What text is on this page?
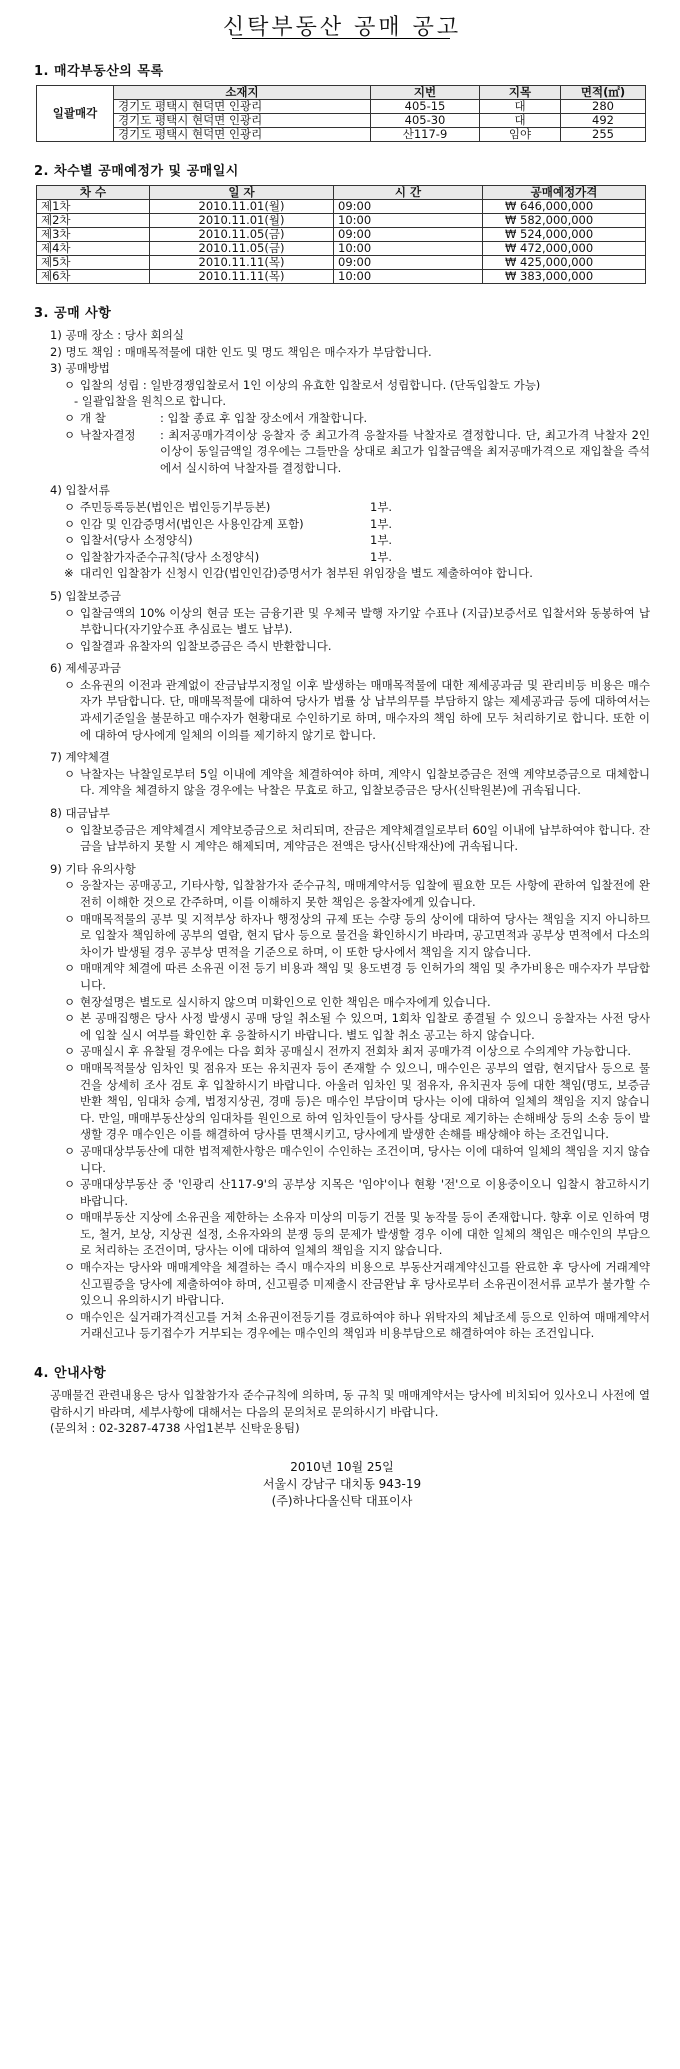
신탁부동산 공매 공고
1. 매각부동산의 목록
일괄매각	소재지	지번	지목	면적(㎡)
	경기도 평택시 현덕면 인광리	405-15	대	280
	경기도 평택시 현덕면 인광리	405-30	대	492
	경기도 평택시 현덕면 인광리	산117-9	임야	255
2. 차수별 공매예정가 및 공매일시
차 수	일 자	시 간	공매예정가격
제1차	2010.11.01(월)	09:00	₩ 646,000,000
제2차	2010.11.01(월)	10:00	₩ 582,000,000
제3차	2010.11.05(금)	09:00	₩ 524,000,000
제4차	2010.11.05(금)	10:00	₩ 472,000,000
제5차	2010.11.11(목)	09:00	₩ 425,000,000
제6차	2010.11.11(목)	10:00	₩ 383,000,000
3. 공매 사항
1) 공매 장소 : 당사 회의실
2) 명도 책임 : 매매목적물에 대한 인도 및 명도 책임은 매수자가 부담합니다.
3) 공매방법
ㅇ 입찰의 성립 : 일반경쟁입찰로서 1인 이상의 유효한 입찰로서 성립합니다. (단독입찰도 가능)
- 일괄입찰을 원칙으로 합니다.
ㅇ 개 찰	: 입찰 종료 후 입찰 장소에서 개찰합니다.
ㅇ 낙찰자결정	: 최저공매가격이상 응찰자 중 최고가격 응찰자를 낙찰자로 결정합니다. 단, 최고가격 낙찰자 2인 이상이 동일금액일 경우에는 그들만을 상대로 최고가 입찰금액을 최저공매가격으로 재입찰을 즉석에서 실시하여 낙찰자를 결정합니다.
4) 입찰서류
ㅇ 주민등록등본(법인은 법인등기부등본)	1부.
ㅇ 인감 및 인감증명서(법인은 사용인감계 포함)	1부.
ㅇ 입찰서(당사 소정양식)	1부.
ㅇ 입찰참가자준수규칙(당사 소정양식)	1부.
※ 대리인 입찰참가 신청시 인감(법인인감)증명서가 첨부된 위임장을 별도 제출하여야 합니다.
5) 입찰보증금
ㅇ 입찰금액의 10% 이상의 현금 또는 금융기관 및 우체국 발행 자기앞 수표나 (지급)보증서로 입찰서와 동봉하여 납부합니다(자기앞수표 추심료는 별도 납부).
ㅇ 입찰결과 유찰자의 입찰보증금은 즉시 반환합니다.
6) 제세공과금
ㅇ 소유권의 이전과 관계없이 잔금납부지정일 이후 발생하는 매매목적물에 대한 제세공과금 및 관리비등 비용은 매수자가 부담합니다. 단, 매매목적물에 대하여 당사가 법률 상 납부의무를 부담하지 않는 제세공과금 등에 대하여서는 과세기준일을 불문하고 매수자가 현황대로 수인하기로 하며, 매수자의 책임 하에 모두 처리하기로 합니다. 또한 이에 대하여 당사에게 일체의 이의를 제기하지 않기로 합니다.
7) 계약체결
ㅇ 낙찰자는 낙찰일로부터 5일 이내에 계약을 체결하여야 하며, 계약시 입찰보증금은 전액 계약보증금으로 대체합니다. 계약을 체결하지 않을 경우에는 낙찰은 무효로 하고, 입찰보증금은 당사(신탁원본)에 귀속됩니다.
8) 대금납부
ㅇ 입찰보증금은 계약체결시 계약보증금으로 처리되며, 잔금은 계약체결일로부터 60일 이내에 납부하여야 합니다. 잔금을 납부하지 못할 시 계약은 해제되며, 계약금은 전액은 당사(신탁재산)에 귀속됩니다.
9) 기타 유의사항
ㅇ 응찰자는 공매공고, 기타사항, 입찰참가자 준수규칙, 매매계약서등 입찰에 필요한 모든 사항에 관하여 입찰전에 완전히 이해한 것으로 간주하며, 이를 이해하지 못한 책임은 응찰자에게 있습니다.
ㅇ 매매목적물의 공부 및 지적부상 하자나 행정상의 규제 또는 수량 등의 상이에 대하여 당사는 책임을 지지 아니하므로 입찰자 책임하에 공부의 열람, 현지 답사 등으로 물건을 확인하시기 바라며, 공고면적과 공부상 면적에서 다소의 차이가 발생될 경우 공부상 면적을 기준으로 하며, 이 또한 당사에서 책임을 지지 않습니다.
ㅇ 매매계약 체결에 따른 소유권 이전 등기 비용과 책임 및 용도변경 등 인허가의 책임 및 추가비용은 매수자가 부담합니다.
ㅇ 현장설명은 별도로 실시하지 않으며 미확인으로 인한 책임은 매수자에게 있습니다.
ㅇ 본 공매집행은 당사 사정 발생시 공매 당일 취소될 수 있으며, 1회차 입찰로 종결될 수 있으니 응찰자는 사전 당사에 입찰 실시 여부를 확인한 후 응찰하시기 바랍니다. 별도 입찰 취소 공고는 하지 않습니다.
ㅇ 공매실시 후 유찰될 경우에는 다음 회차 공매실시 전까지 전회차 최저 공매가격 이상으로 수의계약 가능합니다.
ㅇ 매매목적물상 임차인 및 점유자 또는 유치권자 등이 존재할 수 있으니, 매수인은 공부의 열람, 현지답사 등으로 물건을 상세히 조사 검토 후 입찰하시기 바랍니다. 아울러 임차인 및 점유자, 유치권자 등에 대한 책임(명도, 보증금반환 책임, 임대차 승계, 법정지상권, 경매 등)은 매수인 부담이며 당사는 이에 대하여 일체의 책임을 지지 않습니다. 만일, 매매부동산상의 임대차를 원인으로 하여 임차인들이 당사를 상대로 제기하는 손해배상 등의 소송 등이 발생할 경우 매수인은 이를 해결하여 당사를 면책시키고, 당사에게 발생한 손해를 배상해야 하는 조건입니다.
ㅇ 공매대상부동산에 대한 법적제한사항은 매수인이 수인하는 조건이며, 당사는 이에 대하여 일체의 책임을 지지 않습니다.
ㅇ 공매대상부동산 중 '인광리 산117-9'의 공부상 지목은 '임야'이나 현황 '전'으로 이용중이오니 입찰시 참고하시기 바랍니다.
ㅇ 매매부동산 지상에 소유권을 제한하는 소유자 미상의 미등기 건물 및 농작물 등이 존재합니다. 향후 이로 인하여 명도, 철거, 보상, 지상권 설정, 소유자와의 분쟁 등의 문제가 발생할 경우 이에 대한 일체의 책임은 매수인의 부담으로 처리하는 조건이며, 당사는 이에 대하여 일체의 책임을 지지 않습니다.
ㅇ 매수자는 당사와 매매계약을 체결하는 즉시 매수자의 비용으로 부동산거래계약신고를 완료한 후 당사에 거래계약신고필증을 당사에 제출하여야 하며, 신고필증 미제출시 잔금완납 후 당사로부터 소유권이전서류 교부가 불가할 수 있으니 유의하시기 바랍니다.
ㅇ 매수인은 실거래가격신고를 거쳐 소유권이전등기를 경료하여야 하나 위탁자의 체납조세 등으로 인하여 매매계약서 거래신고나 등기접수가 거부되는 경우에는 매수인의 책임과 비용부담으로 해결하여야 하는 조건입니다.
4. 안내사항
공매물건 관련내용은 당사 입찰참가자 준수규칙에 의하며, 동 규칙 및 매매계약서는 당사에 비치되어 있사오니 사전에 열람하시기 바라며, 세부사항에 대해서는 다음의 문의처로 문의하시기 바랍니다.
(문의처 : 02-3287-4738 사업1본부 신탁운용팀)
2010년 10월 25일
서울시 강남구 대치동 943-19
(주)하나다올신탁 대표이사
